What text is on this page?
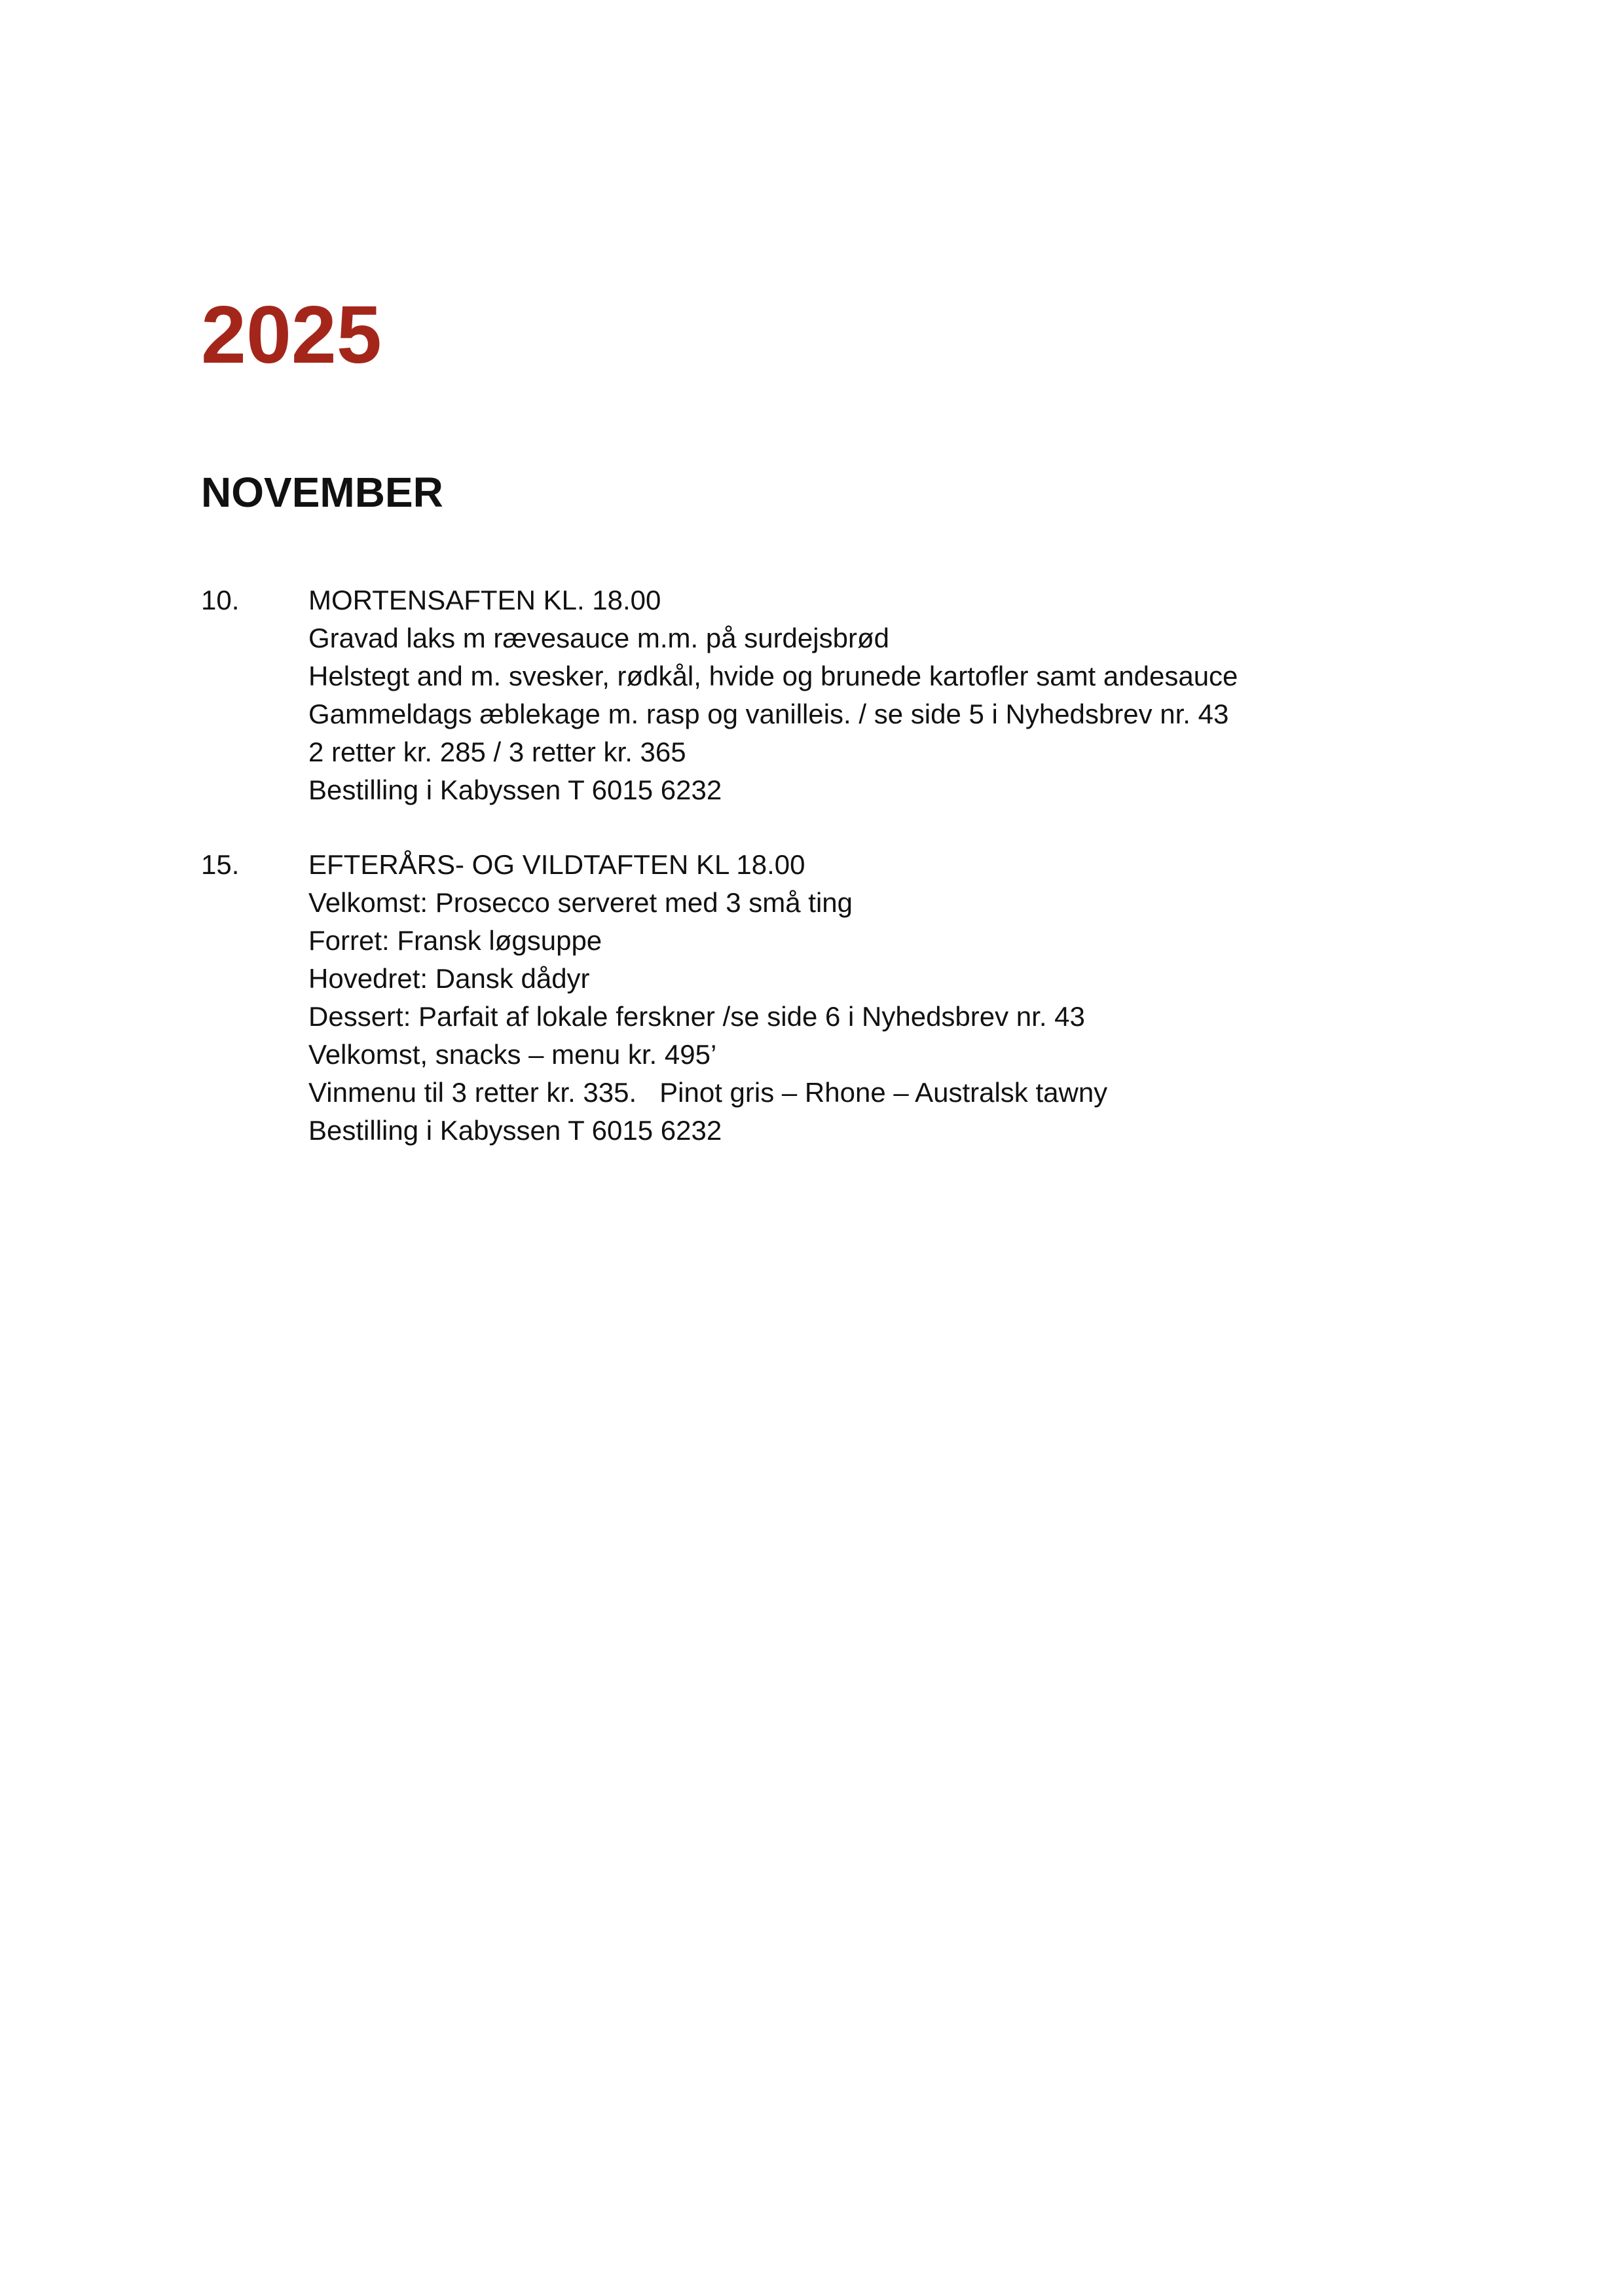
2025
NOVEMBER
10.	MORTENSAFTEN KL. 18.00
Gravad laks m rævesauce m.m. på surdejsbrød
Helstegt and m. svesker, rødkål, hvide og brunede kartofler samt andesauce
Gammeldags æblekage m. rasp og vanilleis. / se side 5 i Nyhedsbrev nr. 43
2 retter kr. 285 / 3 retter kr. 365
Bestilling i Kabyssen T 6015 6232
15.	EFTERÅRS- OG VILDTAFTEN KL 18.00
Velkomst: Prosecco serveret med 3 små ting
Forret: Fransk løgsuppe
Hovedret: Dansk dådyr
Dessert: Parfait af lokale ferskner /se side 6 i Nyhedsbrev nr. 43
Velkomst, snacks – menu kr. 495’
Vinmenu til 3 retter kr. 335.   Pinot gris – Rhone – Australsk tawny
Bestilling i Kabyssen T 6015 6232
